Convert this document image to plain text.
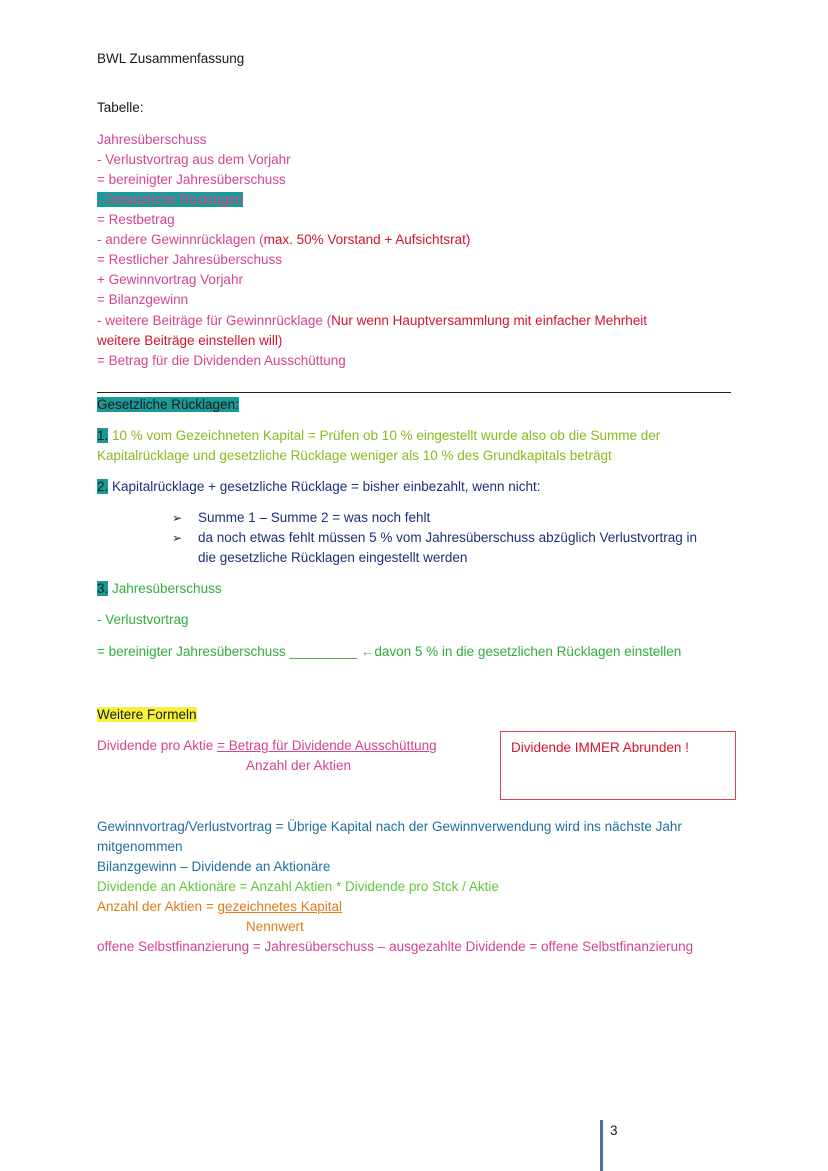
BWL Zusammenfassung
Tabelle:
Jahresüberschuss
- Verlustvortrag aus dem Vorjahr
= bereinigter Jahresüberschuss
- Gesetzliche Rücklagen
= Restbetrag
- andere Gewinnrücklagen (max. 50% Vorstand + Aufsichtsrat)
= Restlicher Jahresüberschuss
+ Gewinnvortrag Vorjahr
= Bilanzgewinn
- weitere Beiträge für Gewinnrücklage (Nur wenn Hauptversammlung mit einfacher Mehrheit
weitere Beiträge einstellen will)
= Betrag für die Dividenden Ausschüttung
Gesetzliche Rücklagen:
1. 10 % vom Gezeichneten Kapital = Prüfen ob 10 % eingestellt wurde also ob die Summe der
Kapitalrücklage und gesetzliche Rücklage weniger als 10 % des Grundkapitals beträgt
2. Kapitalrücklage + gesetzliche Rücklage = bisher einbezahlt, wenn nicht:
➢	Summe 1 – Summe 2 = was noch fehlt
➢	da noch etwas fehlt müssen 5 % vom Jahresüberschuss abzüglich Verlustvortrag in
die gesetzliche Rücklagen eingestellt werden
3. Jahresüberschuss
- Verlustvortrag
= bereinigter Jahresüberschuss _________ ←davon 5 % in die gesetzlichen Rücklagen einstellen
Weitere Formeln
Dividende pro Aktie = Betrag für Dividende Ausschüttung
Anzahl der Aktien
Dividende IMMER Abrunden !
Gewinnvortrag/Verlustvortrag = Übrige Kapital nach der Gewinnverwendung wird ins nächste Jahr
mitgenommen
Bilanzgewinn – Dividende an Aktionäre
Dividende an Aktionäre = Anzahl Aktien * Dividende pro Stck / Aktie
Anzahl der Aktien = gezeichnetes Kapital
Nennwert
offene Selbstfinanzierung = Jahresüberschuss – ausgezahlte Dividende = offene Selbstfinanzierung
3
